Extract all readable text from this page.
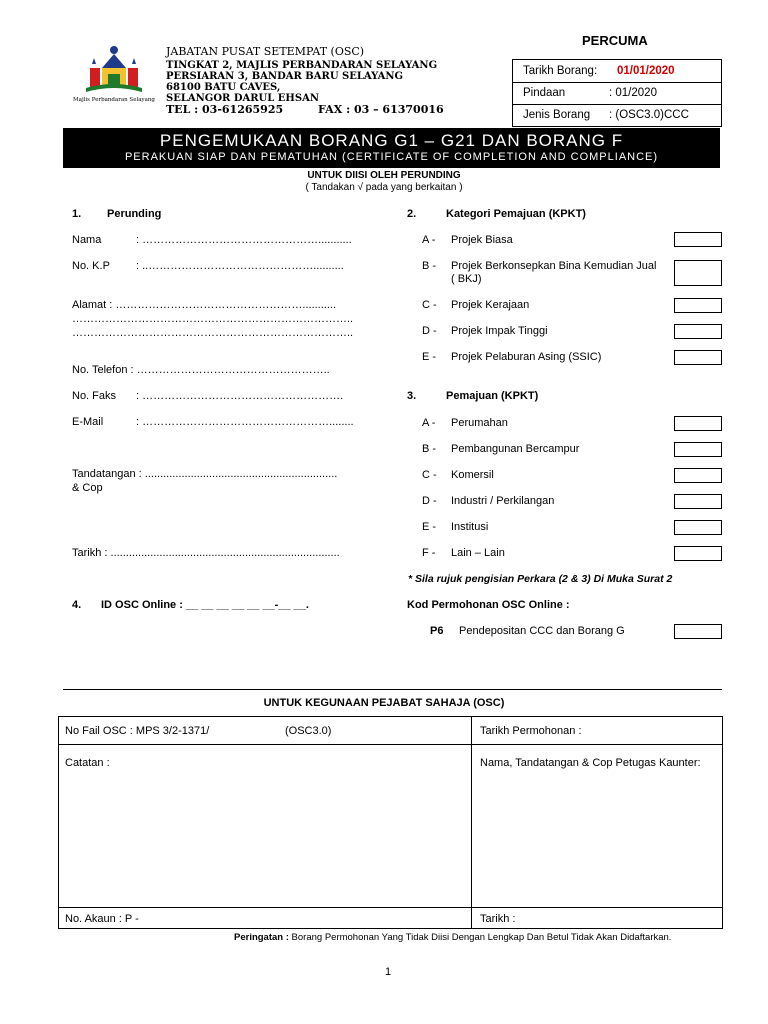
PERCUMA
Majlis Perbandaran Selayang
JABATAN PUSAT SETEMPAT (OSC)
TINGKAT 2, MAJLIS PERBANDARAN SELAYANG
PERSIARAN 3, BANDAR BARU SELAYANG
68100 BATU CAVES,
SELANGOR DARUL EHSAN
TEL : 03-61265925	FAX : 03 – 61370016
Tarikh Borang: 01/01/2020
Pindaan	: 01/2020
Jenis Borang : (OSC3.0)CCC
PENGEMUKAAN BORANG G1 – G21 DAN BORANG F
PERAKUAN SIAP DAN PEMATUHAN (CERTIFICATE OF COMPLETION AND COMPLIANCE)
UNTUK DIISI OLEH PERUNDING
( Tandakan √ pada yang berkaitan )
1. Perunding
Nama	: …………………………………………...........
No. K.P : ..………………………………………..........
Alamat : ……………………………………………...........
…………………………………………………………………..
…………………………………………………………………..
No. Telefon : ……………………………………………..
No. Faks : ……………………………………………….
E-Mail	: ……………………………………………........
Tandatangan : ...............................................................
& Cop
Tarikh : ...........................................................................
4. ID OSC Online : __ __ __ __ __ __-__ __.
2.	Kategori Pemajuan (KPKT)
A - Projek Biasa
B - Projek Berkonsepkan Bina Kemudian Jual
( BKJ)
C - Projek Kerajaan
D - Projek Impak Tinggi
E - Projek Pelaburan Asing (SSIC)
3.	Pemajuan (KPKT)
A - Perumahan
B - Pembangunan Bercampur
C - Komersil
D - Industri / Perkilangan
E - Institusi
F - Lain – Lain
* Sila rujuk pengisian Perkara (2 & 3) Di Muka Surat 2
Kod Permohonan OSC Online :
P6 Pendepositan CCC dan Borang G
UNTUK KEGUNAAN PEJABAT SAHAJA (OSC)
No Fail OSC : MPS 3/2-1371/	(OSC3.0)	Tarikh Permohonan :
Catatan :	Nama, Tandatangan & Cop Petugas Kaunter:
No. Akaun : P -	Tarikh :
Peringatan : Borang Permohonan Yang Tidak Diisi Dengan Lengkap Dan Betul Tidak Akan Didaftarkan.
1
